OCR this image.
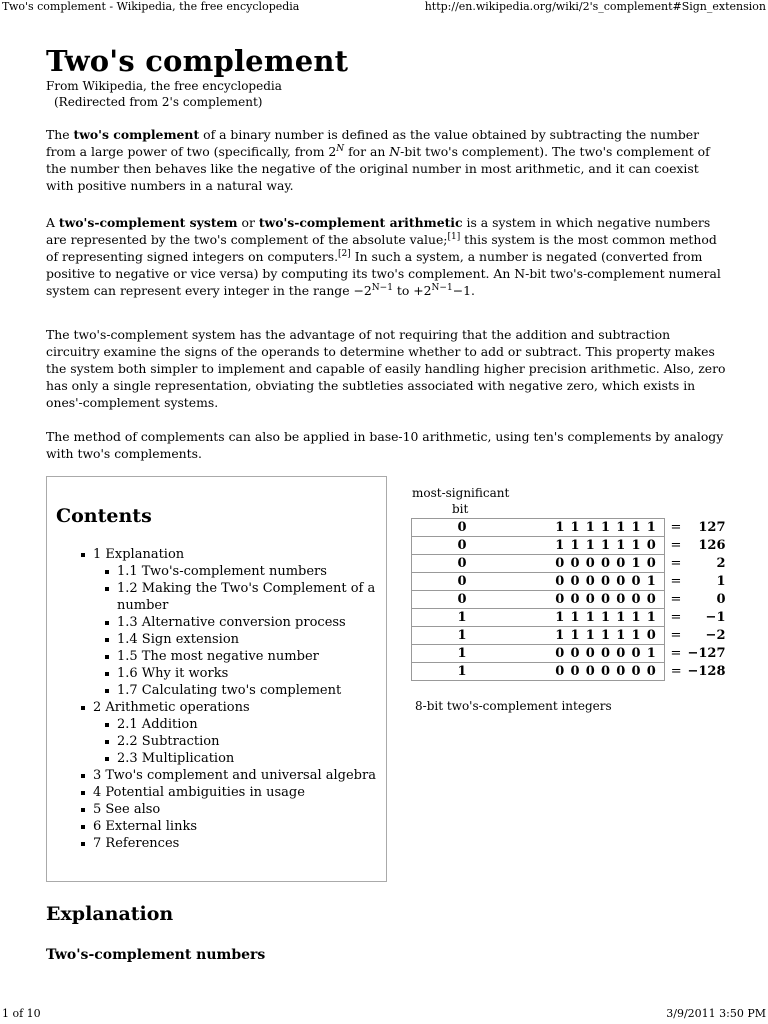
Two's complement - Wikipedia, the free encyclopedia	http://en.wikipedia.org/wiki/2's_complement#Sign_extension
Two's complement
From Wikipedia, the free encyclopedia
(Redirected from 2's complement)

The two's complement of a binary number is defined as the value obtained by subtracting the number from a large power of two (specifically, from $2^N$ for an N-bit two's complement). The two's complement of the number then behaves like the negative of the original number in most arithmetic, and it can coexist with positive numbers in a natural way.

A two's-complement system or two's-complement arithmetic is a system in which negative numbers are represented by the two's complement of the absolute value;[1] this system is the most common method of representing signed integers on computers.[2] In such a system, a number is negated (converted from positive to negative or vice versa) by computing its two's complement. An N-bit two's-complement numeral system can represent every integer in the range $-2^{N-1}$ to $+2^{N-1}-1$.

The two's-complement system has the advantage of not requiring that the addition and subtraction circuitry examine the signs of the operands to determine whether to add or subtract. This property makes the system both simpler to implement and capable of easily handling higher precision arithmetic. Also, zero has only a single representation, obviating the subtleties associated with negative zero, which exists in ones'-complement systems.

The method of complements can also be applied in base-10 arithmetic, using ten's complements by analogy with two's complements.

Contents
1 Explanation
1.1 Two's-complement numbers
1.2 Making the Two's Complement of a number
1.3 Alternative conversion process
1.4 Sign extension
1.5 The most negative number
1.6 Why it works
1.7 Calculating two's complement
2 Arithmetic operations
2.1 Addition
2.2 Subtraction
2.3 Multiplication
3 Two's complement and universal algebra
4 Potential ambiguities in usage
5 See also
6 External links
7 References
most-significant
bit
0	1111111	=	127
0	1111110	=	126
0	0000010	=	2
0	0000001	=	1
0	0000000	=	0
1	1111111	=	−1
1	1111110	=	−2
1	0000001	=	−127
1	0000000	=	−128
8-bit two's-complement integers
Explanation
Two's-complement numbers
1 of 10	3/9/2011 3:50 PM
